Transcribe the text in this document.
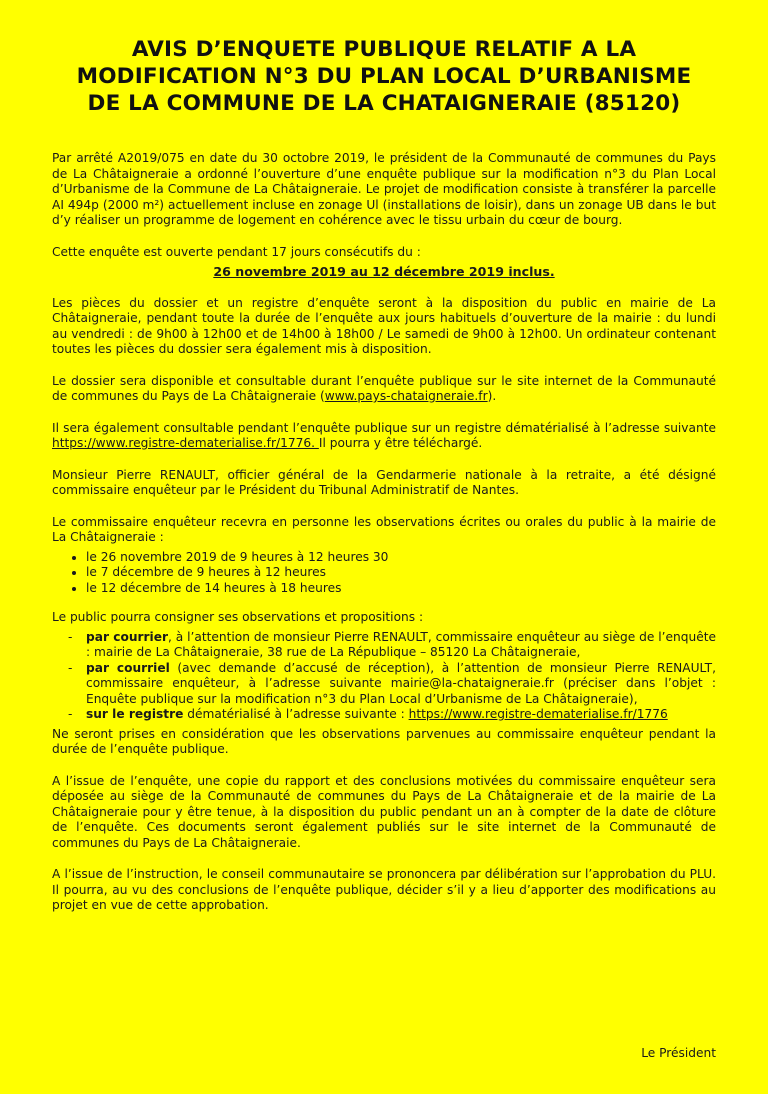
AVIS D’ENQUETE PUBLIQUE RELATIF A LA
MODIFICATION N°3 DU PLAN LOCAL D’URBANISME
DE LA COMMUNE DE LA CHATAIGNERAIE (85120)

Par arrêté A2019/075 en date du 30 octobre 2019, le président de la Communauté de communes du Pays de La Châtaigneraie a ordonné l’ouverture d’une enquête publique sur la modification n°3 du Plan Local d’Urbanisme de la Commune de La Châtaigneraie. Le projet de modification consiste à transférer la parcelle AI 494p (2000 m²) actuellement incluse en zonage Ul (installations de loisir), dans un zonage UB dans le but d’y réaliser un programme de logement en cohérence avec le tissu urbain du cœur de bourg.

Cette enquête est ouverte pendant 17 jours consécutifs du :

26 novembre 2019 au 12 décembre 2019 inclus.

Les pièces du dossier et un registre d’enquête seront à la disposition du public en mairie de La Châtaigneraie, pendant toute la durée de l’enquête aux jours habituels d’ouverture de la mairie : du lundi au vendredi : de 9h00 à 12h00 et de 14h00 à 18h00 / Le samedi de 9h00 à 12h00. Un ordinateur contenant toutes les pièces du dossier sera également mis à disposition.

Le dossier sera disponible et consultable durant l’enquête publique sur le site internet de la Communauté de communes du Pays de La Châtaigneraie (www.pays-chataigneraie.fr).

Il sera également consultable pendant l’enquête publique sur un registre dématérialisé à l’adresse suivante https://www.registre-dematerialise.fr/1776. Il pourra y être téléchargé.

Monsieur Pierre RENAULT, officier général de la Gendarmerie nationale à la retraite, a été désigné commissaire enquêteur par le Président du Tribunal Administratif de Nantes.

Le commissaire enquêteur recevra en personne les observations écrites ou orales du public à la mairie de La Châtaigneraie :

• le 26 novembre 2019 de 9 heures à 12 heures 30
• le 7 décembre de 9 heures à 12 heures
• le 12 décembre de 14 heures à 18 heures

Le public pourra consigner ses observations et propositions :

- par courrier, à l’attention de monsieur Pierre RENAULT, commissaire enquêteur au siège de l’enquête : mairie de La Châtaigneraie, 38 rue de La République – 85120 La Châtaigneraie,
- par courriel (avec demande d’accusé de réception), à l’attention de monsieur Pierre RENAULT, commissaire enquêteur, à l’adresse suivante mairie@la-chataigneraie.fr (préciser dans l’objet : Enquête publique sur la modification n°3 du Plan Local d’Urbanisme de La Châtaigneraie),
- sur le registre dématérialisé à l’adresse suivante : https://www.registre-dematerialise.fr/1776

Ne seront prises en considération que les observations parvenues au commissaire enquêteur pendant la durée de l’enquête publique.

A l’issue de l’enquête, une copie du rapport et des conclusions motivées du commissaire enquêteur sera déposée au siège de la Communauté de communes du Pays de La Châtaigneraie et de la mairie de La Châtaigneraie pour y être tenue, à la disposition du public pendant un an à compter de la date de clôture de l’enquête. Ces documents seront également publiés sur le site internet de la Communauté de communes du Pays de La Châtaigneraie.

A l’issue de l’instruction, le conseil communautaire se prononcera par délibération sur l’approbation du PLU. Il pourra, au vu des conclusions de l’enquête publique, décider s’il y a lieu d’apporter des modifications au projet en vue de cette approbation.

Le Président
